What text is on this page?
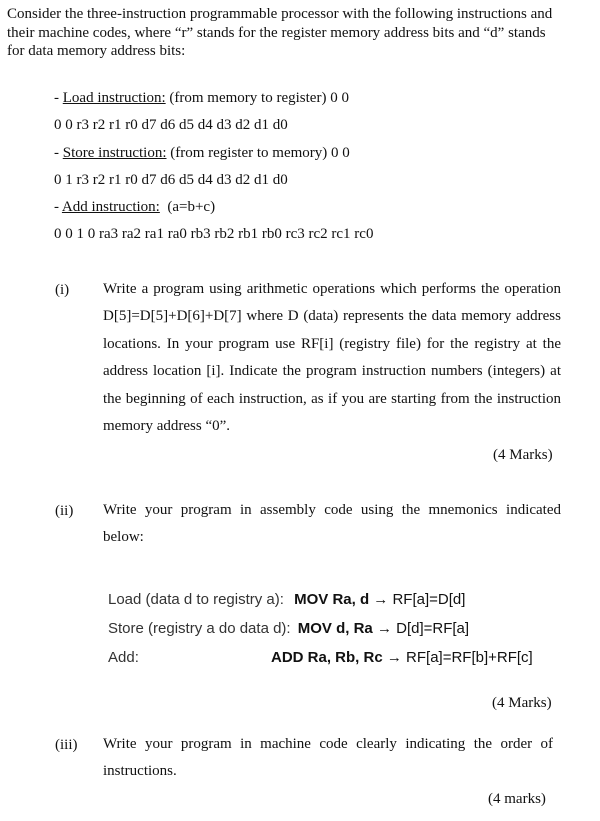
Consider the three-instruction programmable processor with the following instructions and
their machine codes, where “r” stands for the register memory address bits and “d” stands
for data memory address bits:
- Load instruction: (from memory to register) 0 0
0 0 r3 r2 r1 r0 d7 d6 d5 d4 d3 d2 d1 d0
- Store instruction: (from register to memory) 0 0
0 1 r3 r2 r1 r0 d7 d6 d5 d4 d3 d2 d1 d0
- Add instruction:  (a=b+c)
0 0 1 0 ra3 ra2 ra1 ra0 rb3 rb2 rb1 rb0 rc3 rc2 rc1 rc0
(i) Write a program using arithmetic operations which performs the operation D[5]=D[5]+D[6]+D[7] where D (data) represents the data memory address locations. In your program use RF[i] (registry file) for the registry at the address location [i]. Indicate the program instruction numbers (integers) at the beginning of each instruction, as if you are starting from the instruction memory address “0”.
(4 Marks)
(ii) Write your program in assembly code using the mnemonics indicated below:
Load (data d to registry a): MOV Ra, d → RF[a]=D[d]
Store (registry a do data d): MOV d, Ra → D[d]=RF[a]
Add:	ADD Ra, Rb, Rc → RF[a]=RF[b]+RF[c]
(4 Marks)
(iii) Write your program in machine code clearly indicating the order of instructions.
(4 marks)
